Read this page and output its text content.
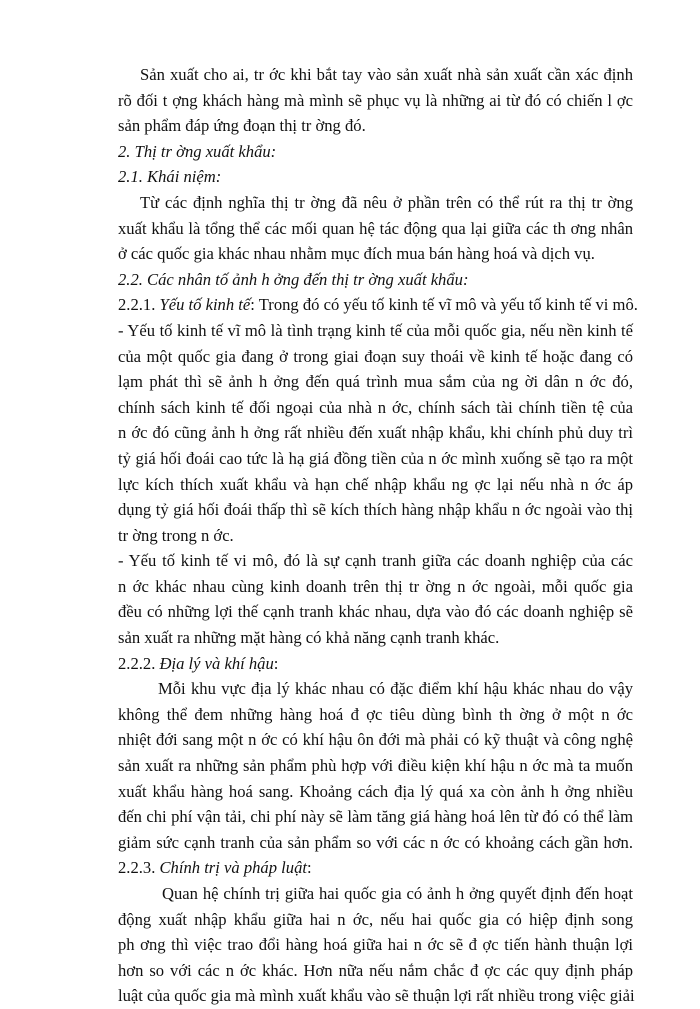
Sản xuất cho ai, tr ớc khi bắt tay vào sản xuất nhà sản xuất cần xác định
rõ đối t ợng khách hàng mà mình sẽ phục vụ là những ai từ đó có chiến l ợc
sản phẩm đáp ứng đoạn thị tr ờng đó.
2. Thị tr ờng xuất khẩu:
2.1. Khái niệm:
Từ các định nghĩa thị tr ờng đã nêu ở phần trên có thể rút ra thị tr ờng
xuất khẩu là tổng thể các mối quan hệ tác động qua lại giữa các th ơng nhân
ở các quốc gia khác nhau nhằm mục đích mua bán hàng hoá và dịch vụ.
2.2. Các nhân tố ảnh h ởng đến thị tr ờng xuất khẩu:
2.2.1. Yếu tố kinh tế: Trong đó có yếu tố kinh tế vĩ mô và yếu tố kinh tế vi mô.
- Yếu tố kinh tế vĩ mô là tình trạng kinh tế của mỗi quốc gia, nếu nền kinh tế
của một quốc gia đang ở trong giai đoạn suy thoái về kinh tế hoặc đang có
lạm phát thì sẽ ảnh h ởng đến quá trình mua sắm của ng ời dân n ớc đó,
chính sách kinh tế đối ngoại của nhà n ớc, chính sách tài chính tiền tệ của
n ớc đó cũng ảnh h ởng rất nhiều đến xuất nhập khẩu, khi chính phủ duy trì
tỷ giá hối đoái cao tức là hạ giá đồng tiền của n ớc mình xuống sẽ tạo ra một
lực kích thích xuất khẩu và hạn chế nhập khẩu ng ợc lại nếu nhà n ớc áp
dụng tỷ giá hối đoái thấp thì sẽ kích thích hàng nhập khẩu n ớc ngoài vào thị
tr ờng trong n ớc.
- Yếu tố kinh tế vi mô, đó là sự cạnh tranh giữa các doanh nghiệp của các
n ớc khác nhau cùng kinh doanh trên thị tr ờng n ớc ngoài, mỗi quốc gia
đều có những lợi thế cạnh tranh khác nhau, dựa vào đó các doanh nghiệp sẽ
sản xuất ra những mặt hàng có khả năng cạnh tranh khác.
2.2.2. Địa lý và khí hậu:
Mỗi khu vực địa lý khác nhau có đặc điểm khí hậu khác nhau do vậy
không thể đem những hàng hoá đ ợc tiêu dùng bình th ờng ở một n ớc
nhiệt đới sang một n ớc có khí hậu ôn đới mà phải có kỹ thuật và công nghệ
sản xuất ra những sản phẩm phù hợp với điều kiện khí hậu n ớc mà ta muốn
xuất khẩu hàng hoá sang. Khoảng cách địa lý quá xa còn ảnh h ởng nhiều
đến chi phí vận tải, chi phí này sẽ làm tăng giá hàng hoá lên từ đó có thể làm
giảm sức cạnh tranh của sản phẩm so với các n ớc có khoảng cách gần hơn.
2.2.3. Chính trị và pháp luật:
Quan hệ chính trị giữa hai quốc gia có ảnh h ởng quyết định đến hoạt
động xuất nhập khẩu giữa hai n ớc, nếu hai quốc gia có hiệp định song
ph ơng thì việc trao đổi hàng hoá giữa hai n ớc sẽ đ ợc tiến hành thuận lợi
hơn so với các n ớc khác. Hơn nữa nếu nắm chắc đ ợc các quy định pháp
luật của quốc gia mà mình xuất khẩu vào sẽ thuận lợi rất nhiều trong việc giải
